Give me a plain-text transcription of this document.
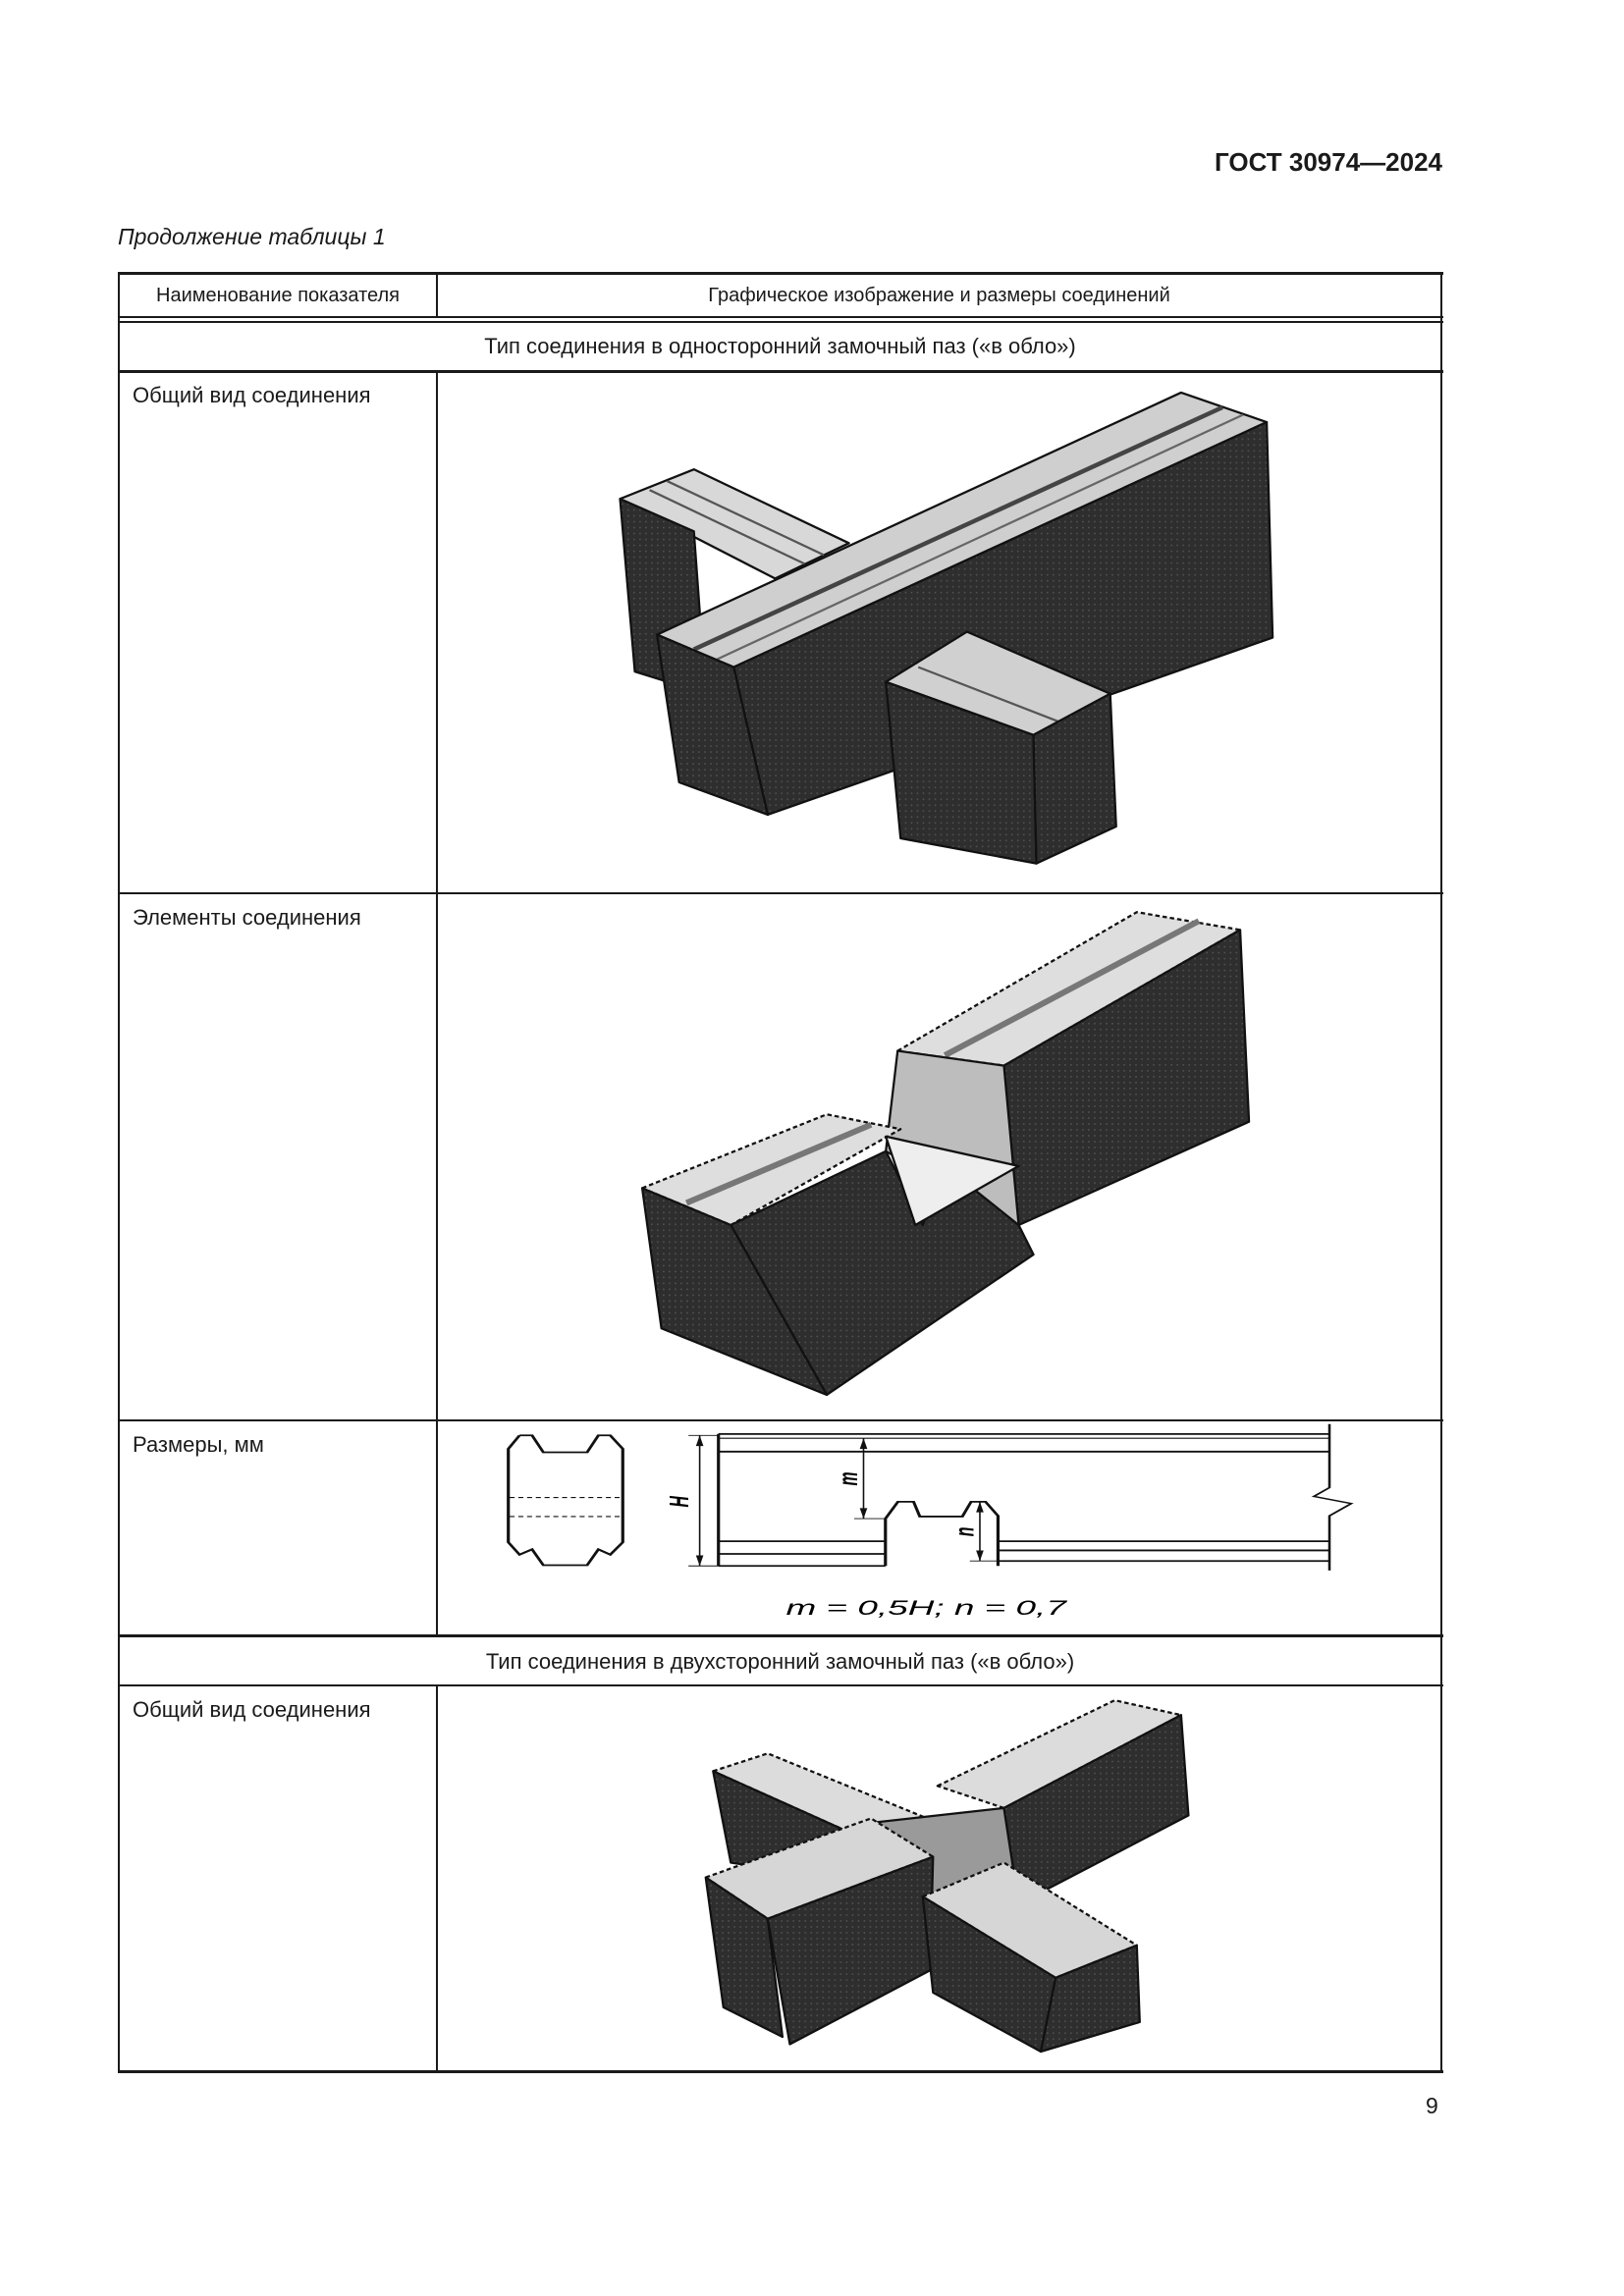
ГОСТ 30974—2024
Продолжение таблицы 1
Наименование показателя	Графическое изображение и размеры соединений
Тип соединения в односторонний замочный паз («в обло»)
Общий вид соединения
Элементы соединения
Размеры, мм
Тип соединения в двухсторонний замочный паз («в обло»)
Общий вид соединения
H
m
n
m = 0,5H; n = 0,7
9
